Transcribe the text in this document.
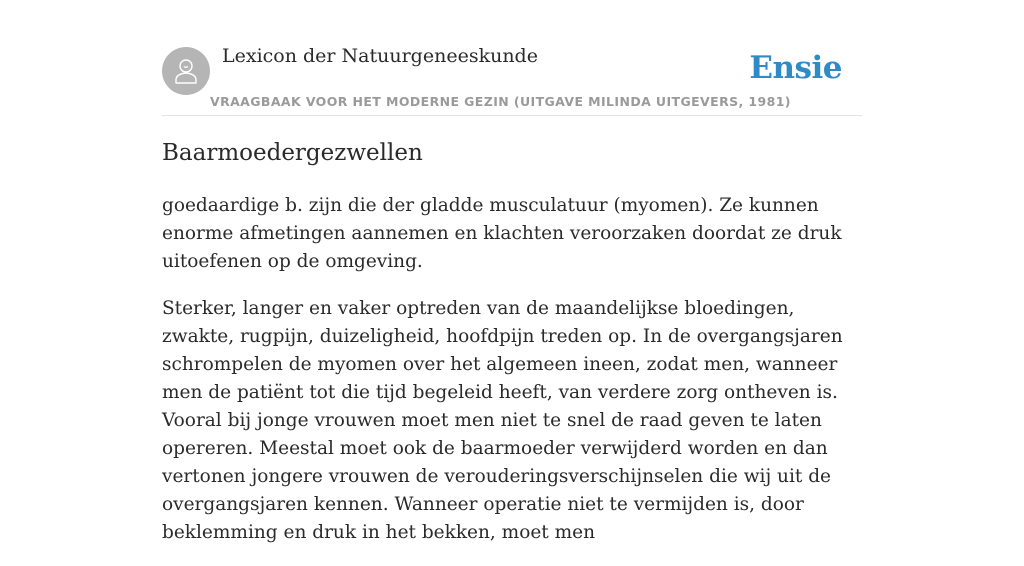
Lexicon der Natuurgeneeskunde
VRAAGBAAK VOOR HET MODERNE GEZIN (UITGAVE MILINDA UITGEVERS, 1981)
Ensie
Baarmoedergezwellen

goedaardige b. zijn die der gladde musculatuur (myomen). Ze kunnen enorme afmetingen aannemen en klachten veroorzaken doordat ze druk uitoefenen op de omgeving.

Sterker, langer en vaker optreden van de maandelijkse bloedingen, zwakte, rugpijn, duizeligheid, hoofdpijn treden op. In de overgangsjaren schrompelen de myomen over het algemeen ineen, zodat men, wanneer men de patiënt tot die tijd begeleid heeft, van verdere zorg ontheven is. Vooral bij jonge vrouwen moet men niet te snel de raad geven te laten opereren. Meestal moet ook de baarmoeder verwijderd worden en dan vertonen jongere vrouwen de verouderingsverschijnselen die wij uit de overgangsjaren kennen. Wanneer operatie niet te vermijden is, door beklemming en druk in het bekken, moet men
